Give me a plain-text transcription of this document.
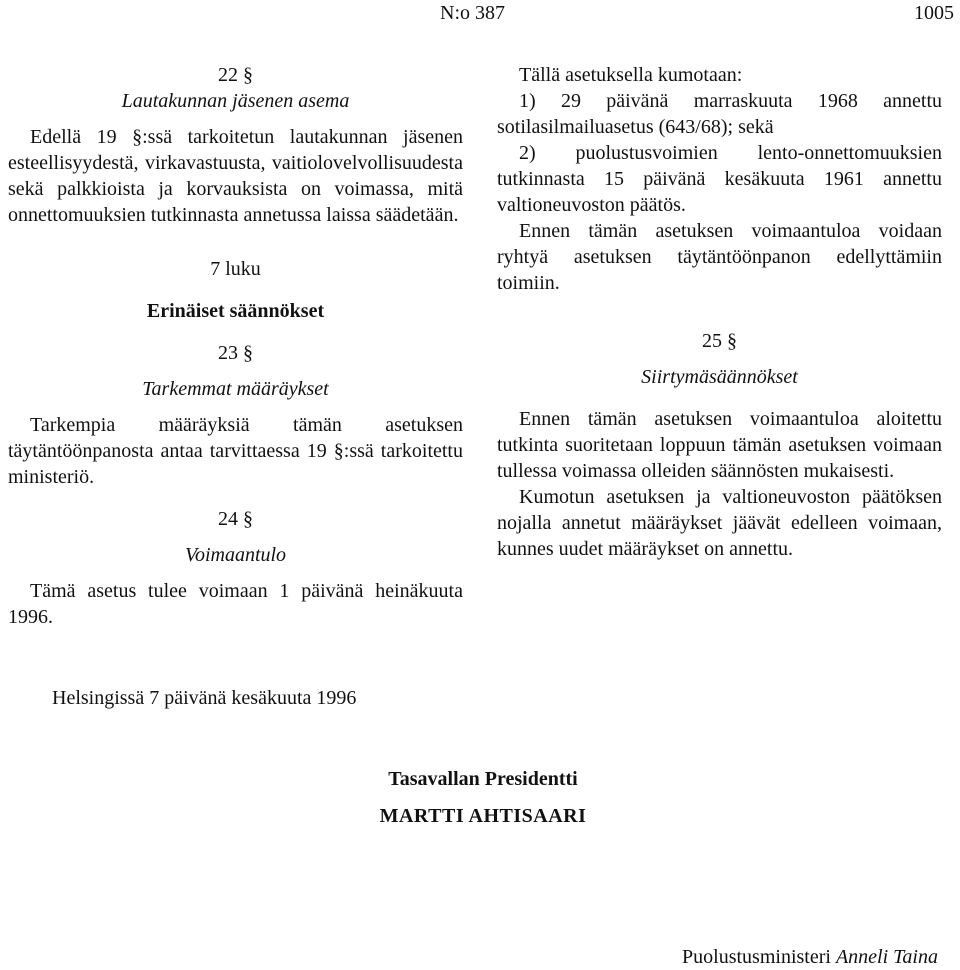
N:o 387	1005
22 §
Lautakunnan jäsenen asema

Edellä 19 §:ssä tarkoitetun lautakunnan jäsenen esteellisyydestä, virkavastuusta, vaitiolovelvollisuudesta sekä palkkioista ja korvauksista on voimassa, mitä onnettomuuksien tutkinnasta annetussa laissa säädetään.

7 luku
Erinäiset säännökset
23 §
Tarkemmat määräykset

Tarkempia määräyksiä tämän asetuksen täytäntöönpanosta antaa tarvittaessa 19 §:ssä tarkoitettu ministeriö.

24 §
Voimaantulo

Tämä asetus tulee voimaan 1 päivänä heinäkuuta 1996.

Tällä asetuksella kumotaan:

1) 29 päivänä marraskuuta 1968 annettu sotilasilmailuasetus (643/68); sekä

2) puolustusvoimien lento-onnettomuuksien tutkinnasta 15 päivänä kesäkuuta 1961 annettu valtioneuvoston päätös.

Ennen tämän asetuksen voimaantuloa voidaan ryhtyä asetuksen täytäntöönpanon edellyttämiin toimiin.

25 §
Siirtymäsäännökset

Ennen tämän asetuksen voimaantuloa aloitettu tutkinta suoritetaan loppuun tämän asetuksen voimaan tullessa voimassa olleiden säännösten mukaisesti.

Kumotun asetuksen ja valtioneuvoston päätöksen nojalla annetut määräykset jäävät edelleen voimaan, kunnes uudet määräykset on annettu.

Helsingissä 7 päivänä kesäkuuta 1996
Tasavallan Presidentti
MARTTI AHTISAARI
Puolustusministeri Anneli Taina
